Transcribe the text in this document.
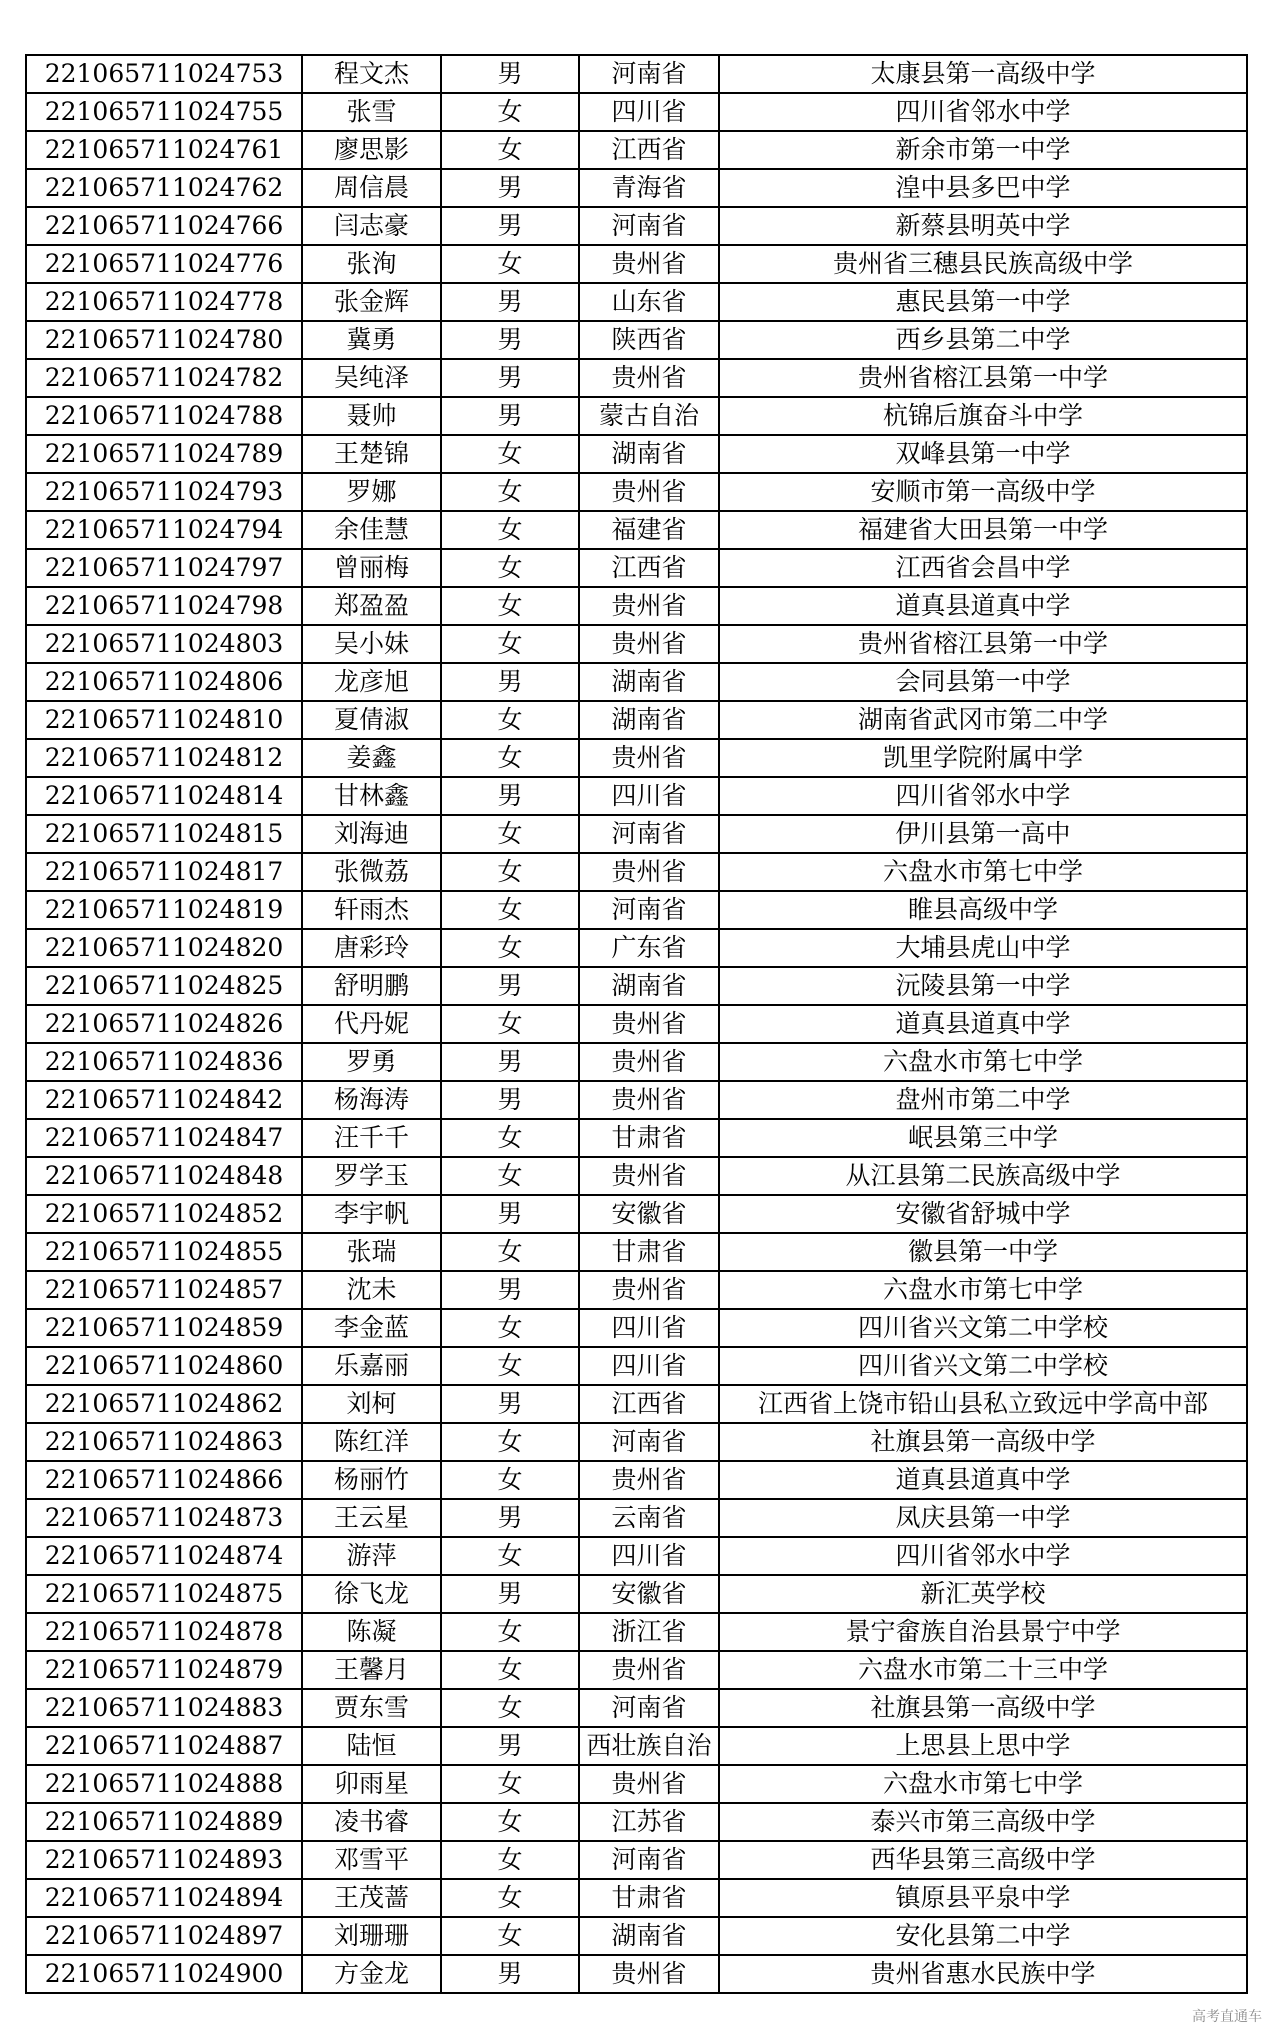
221065711024753	程文杰	男	河南省	太康县第一高级中学
221065711024755	张雪	女	四川省	四川省邻水中学
221065711024761	廖思影	女	江西省	新余市第一中学
221065711024762	周信晨	男	青海省	湟中县多巴中学
221065711024766	闫志豪	男	河南省	新蔡县明英中学
221065711024776	张洵	女	贵州省	贵州省三穗县民族高级中学
221065711024778	张金辉	男	山东省	惠民县第一中学
221065711024780	冀勇	男	陕西省	西乡县第二中学
221065711024782	吴纯泽	男	贵州省	贵州省榕江县第一中学
221065711024788	聂帅	男	蒙古自治	杭锦后旗奋斗中学
221065711024789	王楚锦	女	湖南省	双峰县第一中学
221065711024793	罗娜	女	贵州省	安顺市第一高级中学
221065711024794	余佳慧	女	福建省	福建省大田县第一中学
221065711024797	曾丽梅	女	江西省	江西省会昌中学
221065711024798	郑盈盈	女	贵州省	道真县道真中学
221065711024803	吴小妹	女	贵州省	贵州省榕江县第一中学
221065711024806	龙彦旭	男	湖南省	会同县第一中学
221065711024810	夏倩淑	女	湖南省	湖南省武冈市第二中学
221065711024812	姜鑫	女	贵州省	凯里学院附属中学
221065711024814	甘林鑫	男	四川省	四川省邻水中学
221065711024815	刘海迪	女	河南省	伊川县第一高中
221065711024817	张微荔	女	贵州省	六盘水市第七中学
221065711024819	轩雨杰	女	河南省	睢县高级中学
221065711024820	唐彩玲	女	广东省	大埔县虎山中学
221065711024825	舒明鹏	男	湖南省	沅陵县第一中学
221065711024826	代丹妮	女	贵州省	道真县道真中学
221065711024836	罗勇	男	贵州省	六盘水市第七中学
221065711024842	杨海涛	男	贵州省	盘州市第二中学
221065711024847	汪千千	女	甘肃省	岷县第三中学
221065711024848	罗学玉	女	贵州省	从江县第二民族高级中学
221065711024852	李宇帆	男	安徽省	安徽省舒城中学
221065711024855	张瑞	女	甘肃省	徽县第一中学
221065711024857	沈未	男	贵州省	六盘水市第七中学
221065711024859	李金蓝	女	四川省	四川省兴文第二中学校
221065711024860	乐嘉丽	女	四川省	四川省兴文第二中学校
221065711024862	刘柯	男	江西省	江西省上饶市铅山县私立致远中学高中部
221065711024863	陈红洋	女	河南省	社旗县第一高级中学
221065711024866	杨丽竹	女	贵州省	道真县道真中学
221065711024873	王云星	男	云南省	凤庆县第一中学
221065711024874	游萍	女	四川省	四川省邻水中学
221065711024875	徐飞龙	男	安徽省	新汇英学校
221065711024878	陈凝	女	浙江省	景宁畲族自治县景宁中学
221065711024879	王馨月	女	贵州省	六盘水市第二十三中学
221065711024883	贾东雪	女	河南省	社旗县第一高级中学
221065711024887	陆恒	男	西壮族自治	上思县上思中学
221065711024888	卯雨星	女	贵州省	六盘水市第七中学
221065711024889	凌书睿	女	江苏省	泰兴市第三高级中学
221065711024893	邓雪平	女	河南省	西华县第三高级中学
221065711024894	王茂蔷	女	甘肃省	镇原县平泉中学
221065711024897	刘珊珊	女	湖南省	安化县第二中学
221065711024900	方金龙	男	贵州省	贵州省惠水民族中学
高考直通车
